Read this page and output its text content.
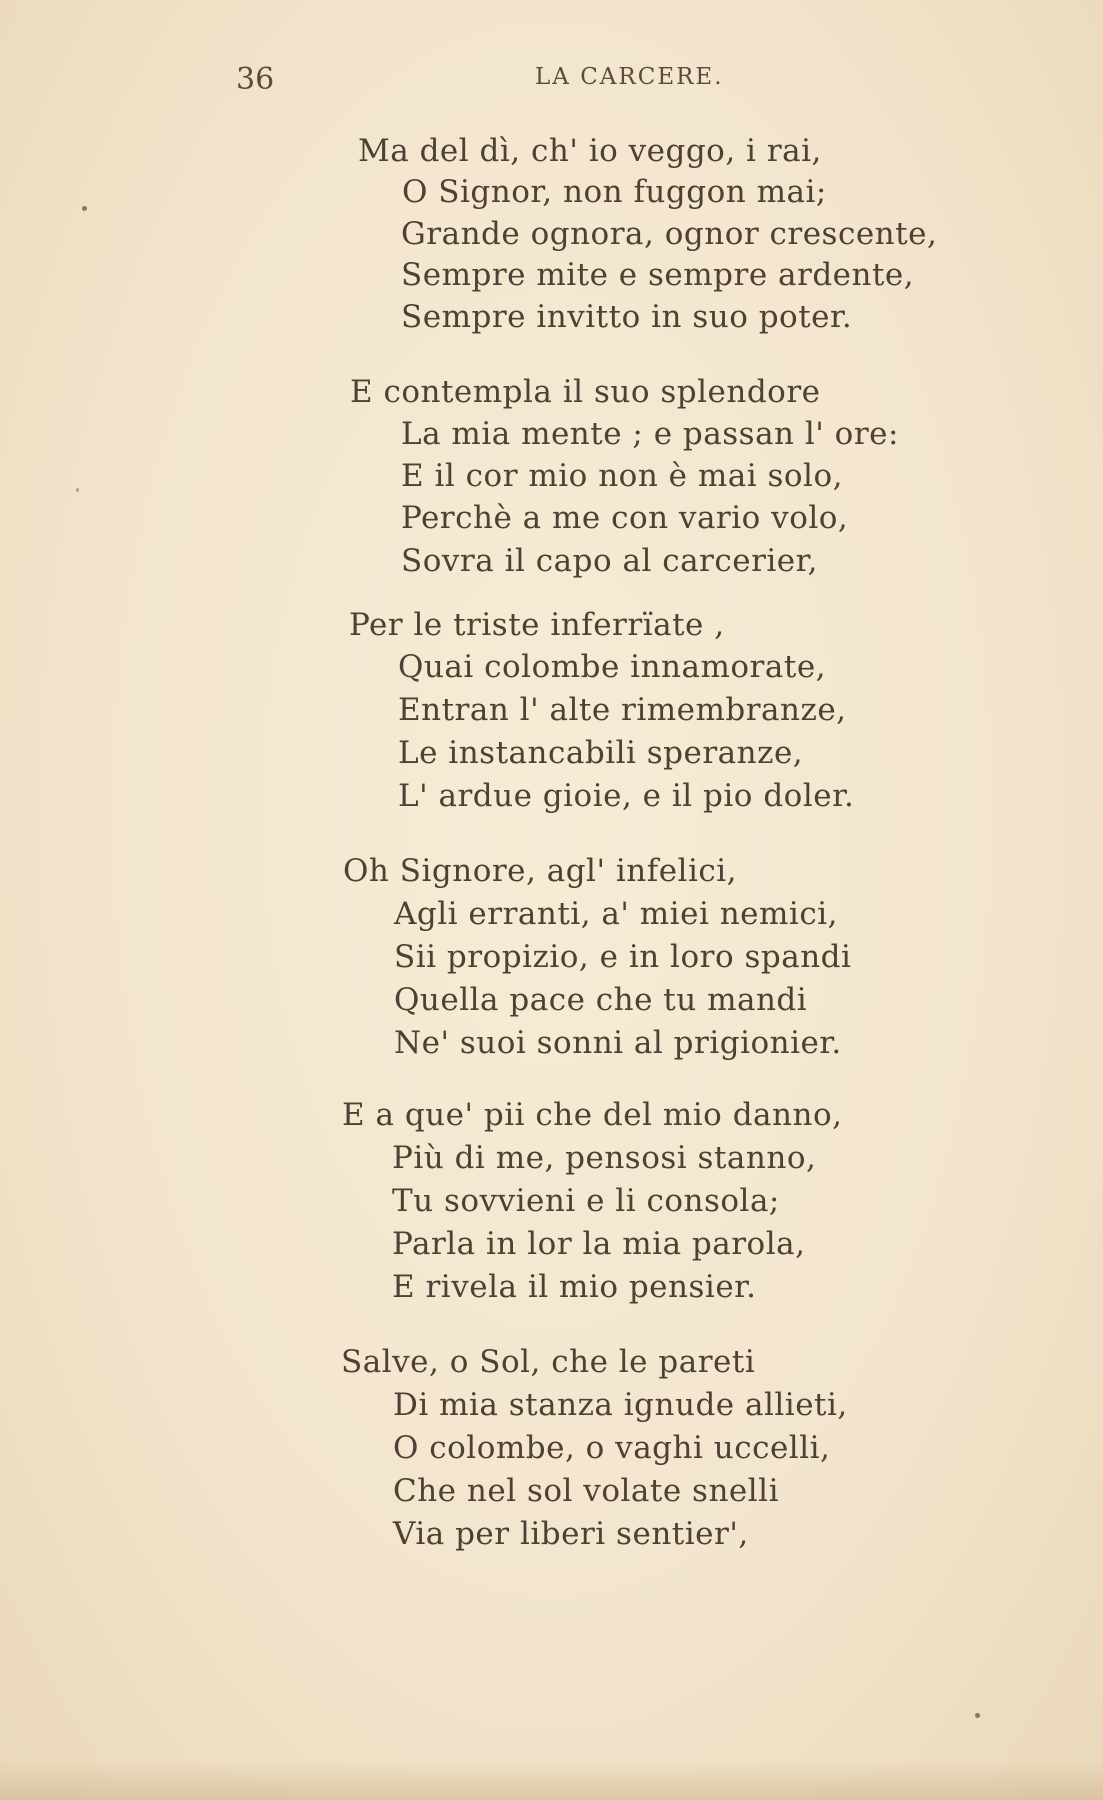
36	LA CARCERE.
Ma del dì, ch' io veggo, i rai,
O Signor, non fuggon mai;
Grande ognora, ognor crescente,
Sempre mite e sempre ardente,
Sempre invitto in suo poter.
E contempla il suo splendore
La mia mente ; e passan l' ore:
E il cor mio non è mai solo,
Perchè a me con vario volo,
Sovra il capo al carcerier,
Per le triste inferrïate ,
Quai colombe innamorate,
Entran l' alte rimembranze,
Le instancabili speranze,
L' ardue gioie, e il pio doler.
Oh Signore, agl' infelici,
Agli erranti, a' miei nemici,
Sii propizio, e in loro spandi
Quella pace che tu mandi
Ne' suoi sonni al prigionier.
E a que' pii che del mio danno,
Più di me, pensosi stanno,
Tu sovvieni e li consola;
Parla in lor la mia parola,
E rivela il mio pensier.
Salve, o Sol, che le pareti
Di mia stanza ignude allieti,
O colombe, o vaghi uccelli,
Che nel sol volate snelli
Via per liberi sentier',
